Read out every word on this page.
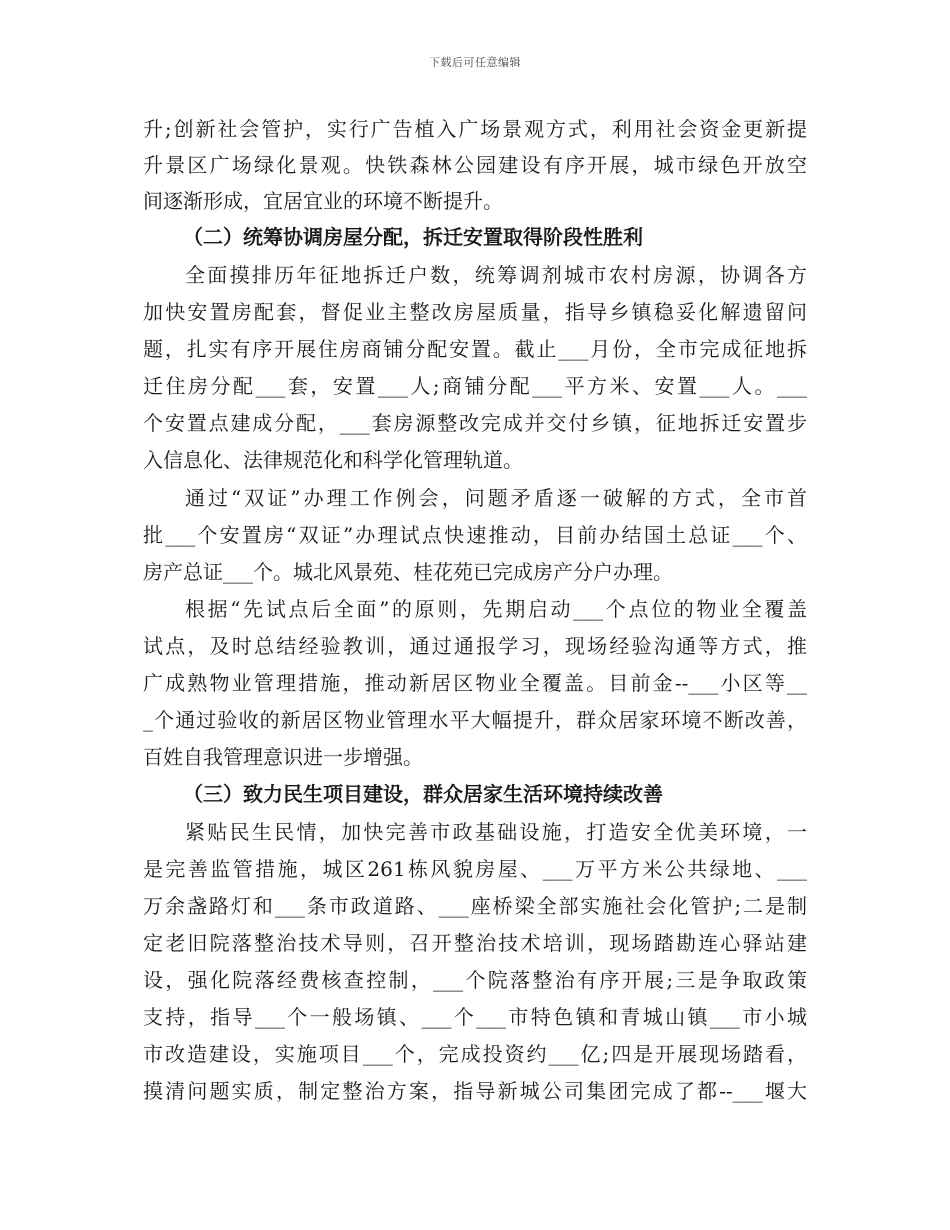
下载后可任意编辑
升;创新社会管护，实行广告植入广场景观方式，利用社会资金更新提
升景区广场绿化景观。快铁森林公园建设有序开展，城市绿色开放空
间逐渐形成，宜居宜业的环境不断提升。
（二）统筹协调房屋分配，拆迁安置取得阶段性胜利
全面摸排历年征地拆迁户数，统筹调剂城市农村房源，协调各方
加快安置房配套，督促业主整改房屋质量，指导乡镇稳妥化解遗留问
题，扎实有序开展住房商铺分配安置。截止___月份，全市完成征地拆
迁住房分配___套，安置___人;商铺分配___平方米、安置___人。___
个安置点建成分配，___套房源整改完成并交付乡镇，征地拆迁安置步
入信息化、法律规范化和科学化管理轨道。
通过“双证”办理工作例会，问题矛盾逐一破解的方式，全市首
批___个安置房“双证”办理试点快速推动，目前办结国土总证___个、
房产总证___个。城北风景苑、桂花苑已完成房产分户办理。
根据“先试点后全面”的原则，先期启动___个点位的物业全覆盖
试点，及时总结经验教训，通过通报学习，现场经验沟通等方式，推
广成熟物业管理措施，推动新居区物业全覆盖。目前金--___小区等__
_个通过验收的新居区物业管理水平大幅提升，群众居家环境不断改善，
百姓自我管理意识进一步增强。
（三）致力民生项目建设，群众居家生活环境持续改善
紧贴民生民情，加快完善市政基础设施，打造安全优美环境，一
是完善监管措施，城区261栋风貌房屋、___万平方米公共绿地、___
万余盏路灯和___条市政道路、___座桥梁全部实施社会化管护;二是制
定老旧院落整治技术导则，召开整治技术培训，现场踏勘连心驿站建
设，强化院落经费核查控制，___个院落整治有序开展;三是争取政策
支持，指导___个一般场镇、___个___市特色镇和青城山镇___市小城
市改造建设，实施项目___个，完成投资约___亿;四是开展现场踏看，
摸清问题实质，制定整治方案，指导新城公司集团完成了都--___堰大
